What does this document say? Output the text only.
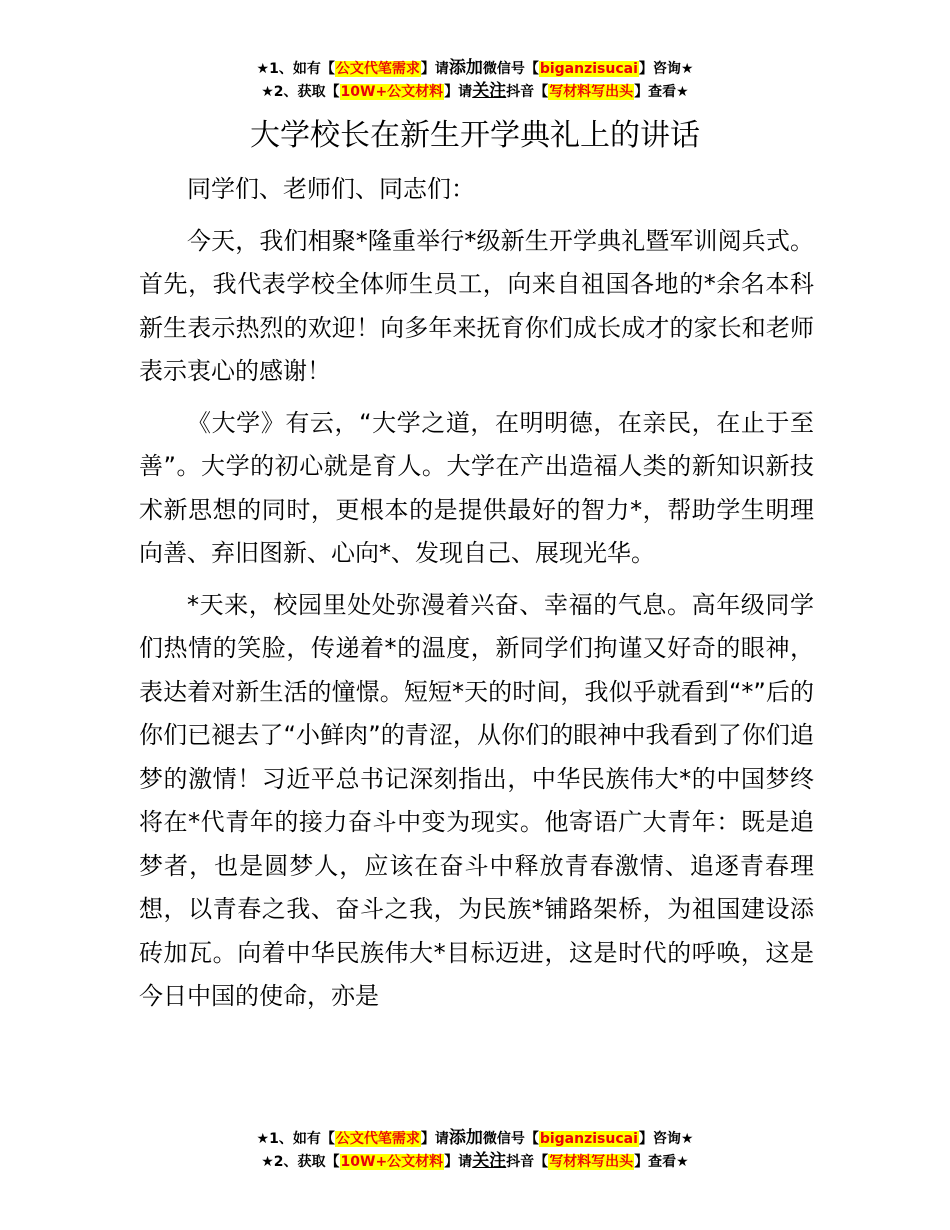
★1、如有【公文代笔需求】请添加微信号【biganzisucai】咨询★
★2、获取【10W+公文材料】请关注抖音【写材料写出头】查看★
大学校长在新生开学典礼上的讲话

同学们、老师们、同志们：

今天，我们相聚*隆重举行*级新生开学典礼暨军训阅兵式。首先，我代表学校全体师生员工，向来自祖国各地的*余名本科新生表示热烈的欢迎！向多年来抚育你们成长成才的家长和老师表示衷心的感谢！

《大学》有云，“大学之道，在明明德，在亲民，在止于至善”。大学的初心就是育人。大学在产出造福人类的新知识新技术新思想的同时，更根本的是提供最好的智力*，帮助学生明理向善、弃旧图新、心向*、发现自己、展现光华。

*天来，校园里处处弥漫着兴奋、幸福的气息。高年级同学们热情的笑脸，传递着*的温度，新同学们拘谨又好奇的眼神，表达着对新生活的憧憬。短短*天的时间，我似乎就看到“*”后的你们已褪去了“小鲜肉”的青涩，从你们的眼神中我看到了你们追梦的激情！习近平总书记深刻指出，中华民族伟大*的中国梦终将在*代青年的接力奋斗中变为现实。他寄语广大青年：既是追梦者，也是圆梦人，应该在奋斗中释放青春激情、追逐青春理想，以青春之我、奋斗之我，为民族*铺路架桥，为祖国建设添砖加瓦。向着中华民族伟大*目标迈进，这是时代的呼唤，这是今日中国的使命，亦是

★1、如有【公文代笔需求】请添加微信号【biganzisucai】咨询★
★2、获取【10W+公文材料】请关注抖音【写材料写出头】查看★
